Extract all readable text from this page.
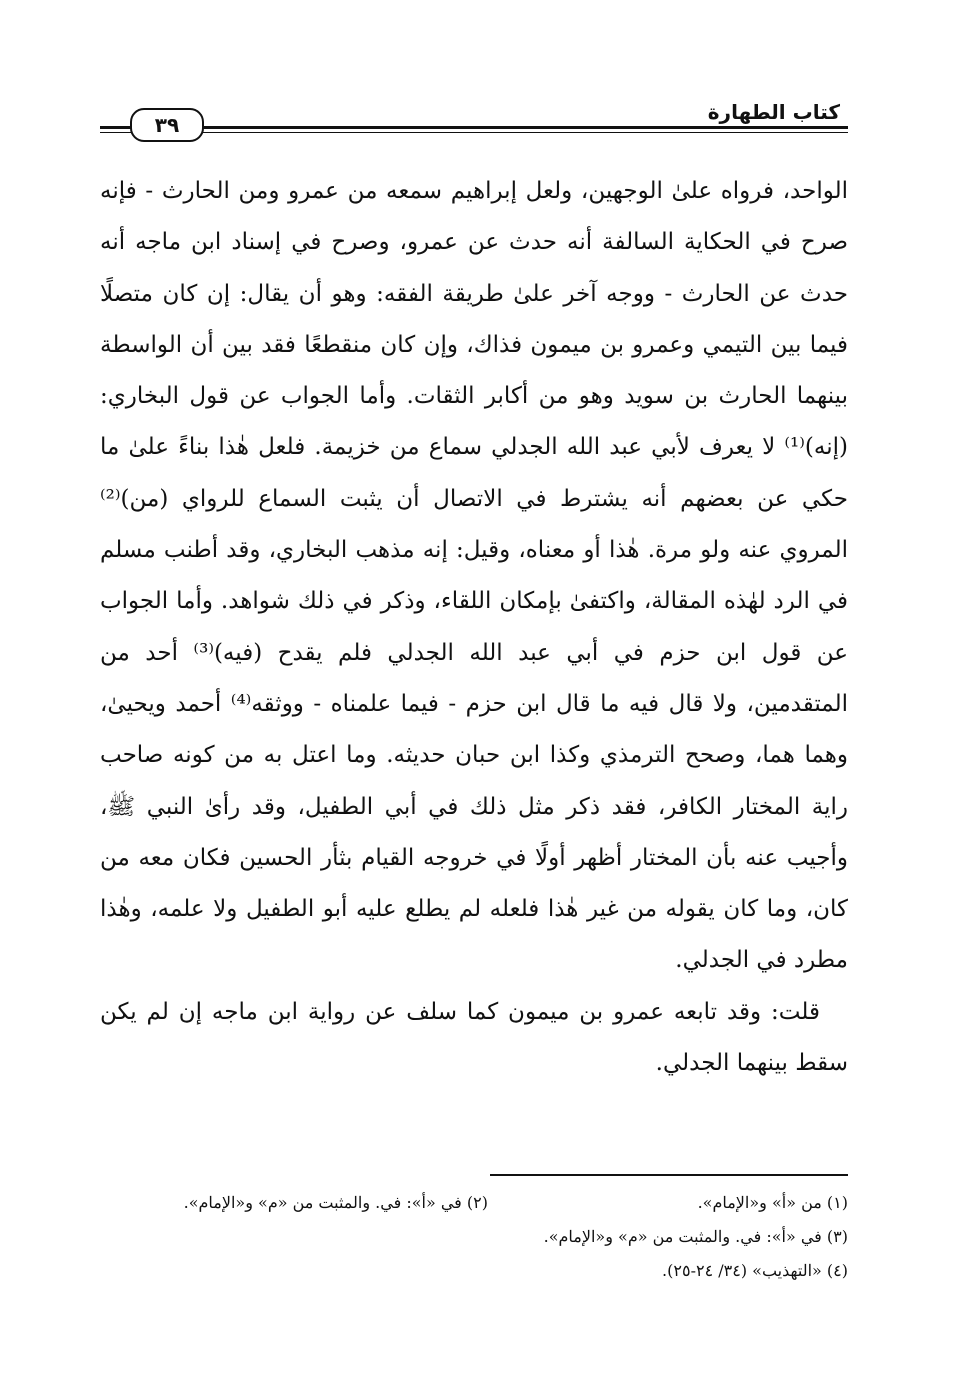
٣٩
كتاب الطهارة

الواحد، فرواه علىٰ الوجهين، ولعل إبراهيم سمعه من عمرو ومن الحارث - فإنه صرح في الحكاية السالفة أنه حدث عن عمرو، وصرح في إسناد ابن ماجه أنه حدث عن الحارث - ووجه آخر علىٰ طريقة الفقه: وهو أن يقال: إن كان متصلًا فيما بين التيمي وعمرو بن ميمون فذاك، وإن كان منقطعًا فقد بين أن الواسطة بينهما الحارث بن سويد وهو من أكابر الثقات. وأما الجواب عن قول البخاري: (إنه)⁽¹⁾ لا يعرف لأبي عبد الله الجدلي سماع من خزيمة. فلعل هٰذا بناءً علىٰ ما حكي عن بعضهم أنه يشترط في الاتصال أن يثبت السماع للرواي (من)⁽²⁾ المروي عنه ولو مرة. هٰذا أو معناه، وقيل: إنه مذهب البخاري، وقد أطنب مسلم في الرد لهٰذه المقالة، واكتفىٰ بإمكان اللقاء، وذكر في ذلك شواهد. وأما الجواب عن قول ابن حزم في أبي عبد الله الجدلي فلم يقدح (فيه)⁽³⁾ أحد من المتقدمين، ولا قال فيه ما قال ابن حزم - فيما علمناه - ووثقه⁽⁴⁾ أحمد ويحيىٰ، وهما هما، وصحح الترمذي وكذا ابن حبان حديثه. وما اعتل به من كونه صاحب راية المختار الكافر، فقد ذكر مثل ذلك في أبي الطفيل، وقد رأىٰ النبي ﷺ، وأجيب عنه بأن المختار أظهر أولًا في خروجه القيام بثأر الحسين فكان معه من كان، وما كان يقوله من غير هٰذا فلعله لم يطلع عليه أبو الطفيل ولا علمه، وهٰذا مطرد في الجدلي.

قلت: وقد تابعه عمرو بن ميمون كما سلف عن رواية ابن ماجه إن لم يكن سقط بينهما الجدلي.

(١) من «أ» و«الإمام».
(٢) في «أ»: في. والمثبت من «م» و«الإمام».
(٣) في «أ»: في. والمثبت من «م» و«الإمام».
(٤) «التهذيب» (٣٤/ ٢٤-٢٥).
